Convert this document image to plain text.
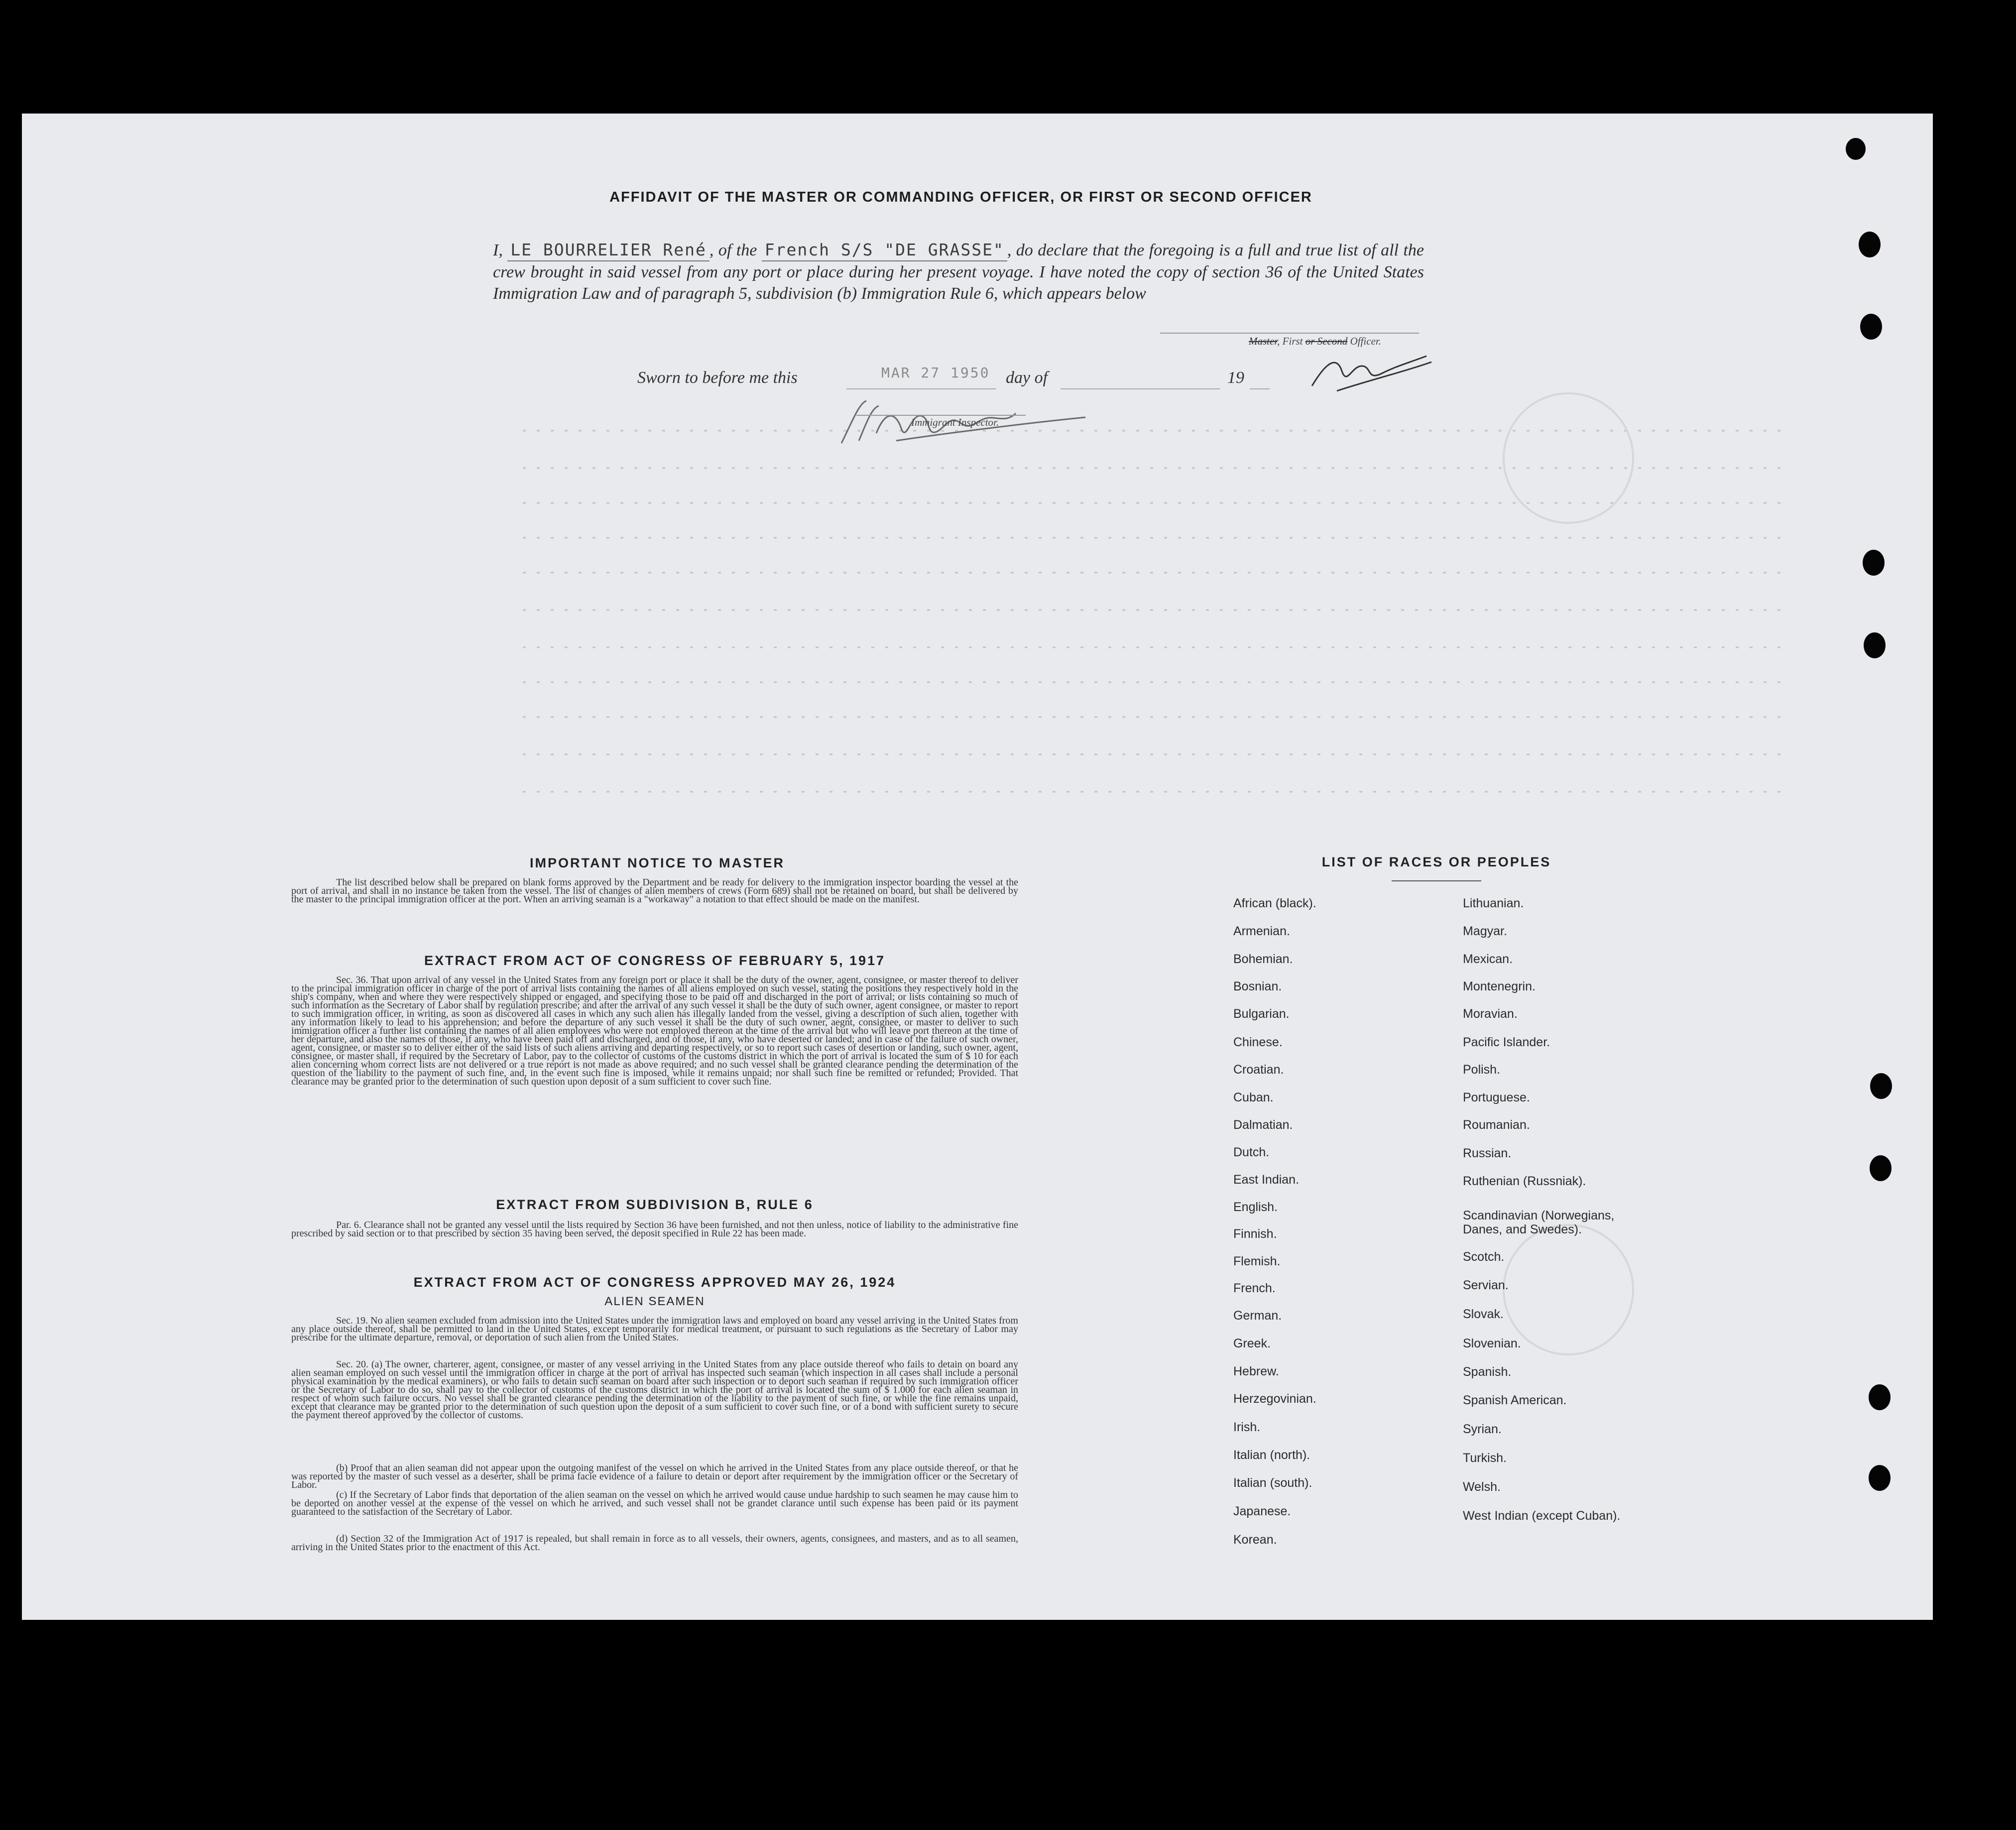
AFFIDAVIT OF THE MASTER OR COMMANDING OFFICER, OR FIRST OR SECOND OFFICER
I, LE BOURRELIER René , of the French S/S "DE GRASSE" , do declare that the foregoing is a full and true list of all the crew brought in said vessel from any port or place during her present voyage. I have noted the copy of section 36 of the United States Immigration Law and of paragraph 5, subdivision (b) Immigration Rule 6, which appears below
Master, First or Second Officer.
Sworn to before me this	MAR 27 1950 day of	19
Immigrant Inspector.
IMPORTANT NOTICE TO MASTER
The list described below shall be prepared on blank forms approved by the Department and be ready for delivery to the immigration inspector boarding the vessel at the port of arrival, and shall in no instance be taken from the vessel. The list of changes of alien members of crews (Form 689) shall not be retained on board, but shall be delivered by the master to the principal immigration officer at the port. When an arriving seaman is a "workaway" a notation to that effect should be made on the manifest.
EXTRACT FROM ACT OF CONGRESS OF FEBRUARY 5, 1917
Sec. 36. That upon arrival of any vessel in the United States from any foreign port or place it shall be the duty of the owner, agent, consignee, or master thereof to deliver to the principal immigration officer in charge of the port of arrival lists containing the names of all aliens employed on such vessel, stating the positions they respectively hold in the ship's company, when and where they were respectively shipped or engaged, and specifying those to be paid off and discharged in the port of arrival; or lists containing so much of such information as the Secretary of Labor shall by regulation prescribe; and after the arrival of any such vessel it shall be the duty of such owner, agent consignee, or master to report to such immigration officer, in writing, as soon as discovered all cases in which any such alien has illegally landed from the vessel, giving a description of such alien, together with any information likely to lead to his apprehension; and before the departure of any such vessel it shall be the duty of such owner, aegnt, consignee, or master to deliver to such immigration officer a further list containing the names of all alien employees who were not employed thereon at the time of the arrival but who will leave port thereon at the time of her departure, and also the names of those, if any, who have been paid off and discharged, and of those, if any, who have deserted or landed; and in case of the failure of such owner, agent, consignee, or master so to deliver either of the said lists of such aliens arriving and departing respectively, or so to report such cases of desertion or landing, such owner, agent, consignee, or master shall, if required by the Secretary of Labor, pay to the collector of customs of the customs district in which the port of arrival is located the sum of $ 10 for each alien concerning whom correct lists are not delivered or a true report is not made as above required; and no such vessel shall be granted clearance pending the determination of the question of the liability to the payment of such fine, and, in the event such fine is imposed, while it remains unpaid; nor shall such fine be remitted or refunded; Provided. That clearance may be granted prior to the determination of such question upon deposit of a sum sufficient to cover such fine.
EXTRACT FROM SUBDIVISION B, RULE 6
Par. 6. Clearance shall not be granted any vessel until the lists required by Section 36 have been furnished, and not then unless, notice of liability to the administrative fine prescribed by said section or to that prescribed by section 35 having been served, the deposit specified in Rule 22 has been made.
EXTRACT FROM ACT OF CONGRESS APPROVED MAY 26, 1924
ALIEN SEAMEN
Sec. 19. No alien seamen excluded from admission into the United States under the immigration laws and employed on board any vessel arriving in the United States from any place outside thereof, shall be permitted to land in the United States, except temporarily for medical treatment, or pursuant to such regulations as the Secretary of Labor may prescribe for the ultimate departure, removal, or deportation of such alien from the United States.
Sec. 20. (a) The owner, charterer, agent, consignee, or master of any vessel arriving in the United States from any place outside thereof who fails to detain on board any alien seaman employed on such vessel until the immigration officer in charge at the port of arrival has inspected such seaman (which inspection in all cases shall include a personal physical examination by the medical examiners), or who fails to detain such seaman on board after such inspection or to deport such seaman if required by such immigration officer or the Secretary of Labor to do so, shall pay to the collector of customs of the customs district in which the port of arrival is located the sum of $ 1.000 for each alien seaman in respect of whom such failure occurs. No vessel shall be granted clearance pending the determination of the liability to the payment of such fine, or while the fine remains unpaid, except that clearance may be granted prior to the determination of such question upon the deposit of a sum sufficient to cover such fine, or of a bond with sufficient surety to secure the payment thereof approved by the collector of customs.
(b) Proof that an alien seaman did not appear upon the outgoing manifest of the vessel on which he arrived in the United States from any place outside thereof, or that he was reported by the master of such vessel as a deserter, shall be prima facie evidence of a failure to detain or deport after requirement by the immigration officer or the Secretary of Labor.
(c) If the Secretary of Labor finds that deportation of the alien seaman on the vessel on which he arrived would cause undue hardship to such seamen he may cause him to be deported on another vessel at the expense of the vessel on which he arrived, and such vessel shall not be grandet clarance until such expense has been paid or its payment guaranteed to the satisfaction of the Secretary of Labor.
(d) Section 32 of the Immigration Act of 1917 is repealed, but shall remain in force as to all vessels, their owners, agents, consignees, and masters, and as to all seamen, arriving in the United States prior to the enactment of this Act.
LIST OF RACES OR PEOPLES
African (black).
Armenian.
Bohemian.
Bosnian.
Bulgarian.
Chinese.
Croatian.
Cuban.
Dalmatian.
Dutch.
East Indian.
English.
Finnish.
Flemish.
French.
German.
Greek.
Hebrew.
Herzegovinian.
Irish.
Italian (north).
Italian (south).
Japanese.
Korean.
Lithuanian.
Magyar.
Mexican.
Montenegrin.
Moravian.
Pacific Islander.
Polish.
Portuguese.
Roumanian.
Russian.
Ruthenian (Russniak).
Scandinavian (Norwegians, Danes, and Swedes).
Scotch.
Servian.
Slovak.
Slovenian.
Spanish.
Spanish American.
Syrian.
Turkish.
Welsh.
West Indian (except Cuban).
